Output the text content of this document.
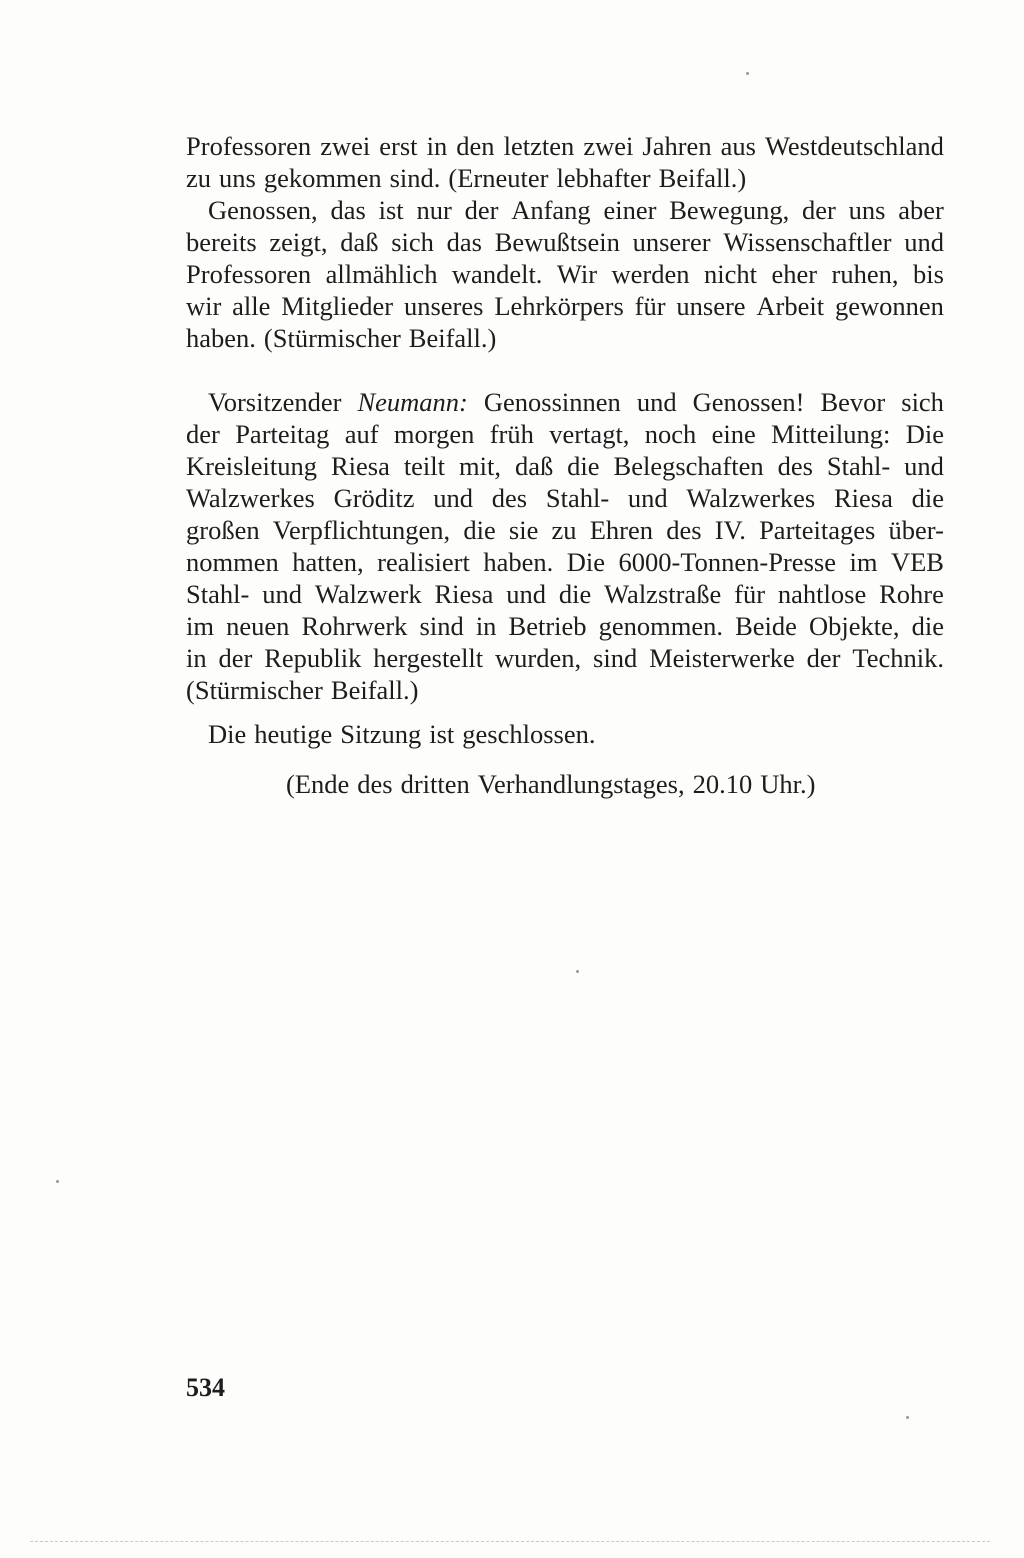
Professoren zwei erst in den letzten zwei Jahren aus Westdeutschland
zu uns gekommen sind. (Erneuter lebhafter Beifall.)
Genossen, das ist nur der Anfang einer Bewegung, der uns aber
bereits zeigt, daß sich das Bewußtsein unserer Wissenschaftler und
Professoren allmählich wandelt. Wir werden nicht eher ruhen, bis
wir alle Mitglieder unseres Lehrkörpers für unsere Arbeit gewonnen
haben. (Stürmischer Beifall.)
Vorsitzender Neumann: Genossinnen und Genossen! Bevor sich
der Parteitag auf morgen früh vertagt, noch eine Mitteilung: Die
Kreisleitung Riesa teilt mit, daß die Belegschaften des Stahl- und
Walzwerkes Gröditz und des Stahl- und Walzwerkes Riesa die
großen Verpflichtungen, die sie zu Ehren des IV. Parteitages über-
nommen hatten, realisiert haben. Die 6000-Tonnen-Presse im VEB
Stahl- und Walzwerk Riesa und die Walzstraße für nahtlose Rohre
im neuen Rohrwerk sind in Betrieb genommen. Beide Objekte, die
in der Republik hergestellt wurden, sind Meisterwerke der Technik.
(Stürmischer Beifall.)
Die heutige Sitzung ist geschlossen.
(Ende des dritten Verhandlungstages, 20.10 Uhr.)
534
